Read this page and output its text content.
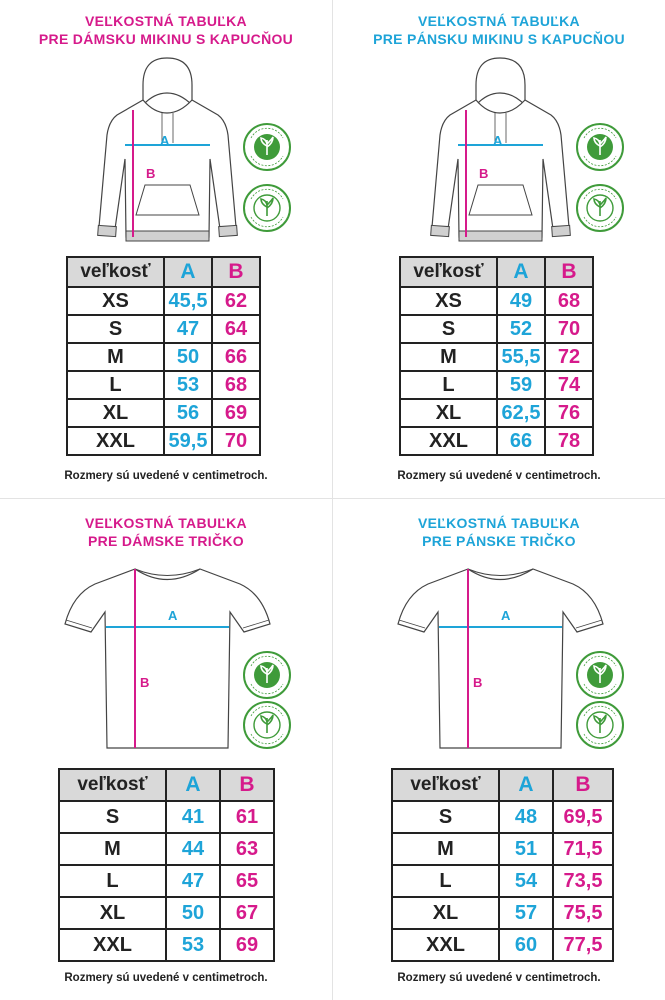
VEĽKOSTNÁ TABUĽKA
PRE DÁMSKU MIKINU S KAPUCŇOU
A
B
veľkosť	A	B
XS	45,5	62
S	47	64
M	50	66
L	53	68
XL	56	69
XXL	59,5	70
Rozmery sú uvedené v centimetroch.
VEĽKOSTNÁ TABUĽKA
PRE PÁNSKU MIKINU S KAPUCŇOU
A
B
veľkosť	A	B
XS	49	68
S	52	70
M	55,5	72
L	59	74
XL	62,5	76
XXL	66	78
Rozmery sú uvedené v centimetroch.
VEĽKOSTNÁ TABUĽKA
PRE DÁMSKE TRIČKO
A
B
veľkosť	A	B
S	41	61
M	44	63
L	47	65
XL	50	67
XXL	53	69
Rozmery sú uvedené v centimetroch.
VEĽKOSTNÁ TABUĽKA
PRE PÁNSKE TRIČKO
A
B
veľkosť	A	B
S	48	69,5
M	51	71,5
L	54	73,5
XL	57	75,5
XXL	60	77,5
Rozmery sú uvedené v centimetroch.
